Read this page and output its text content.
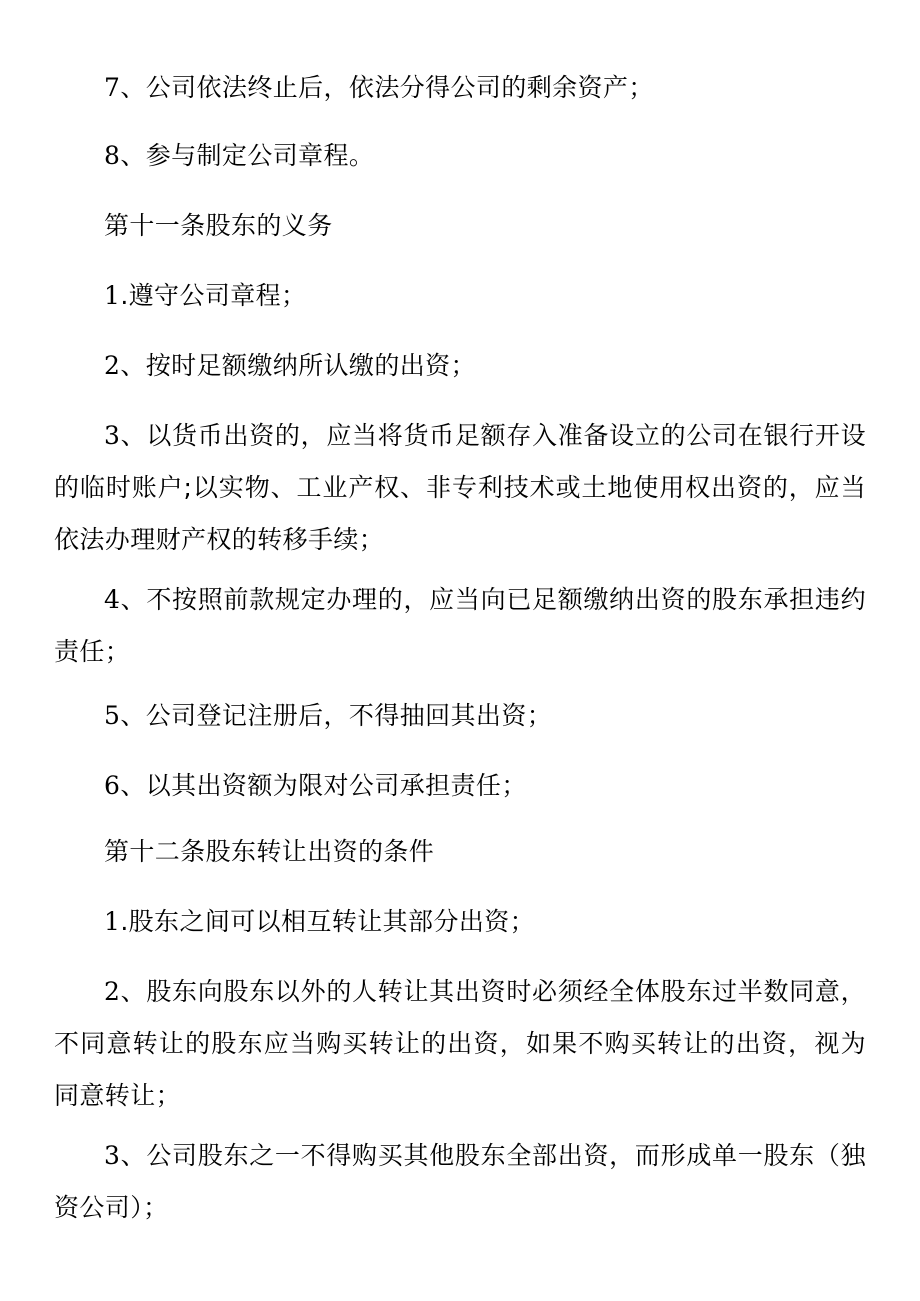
7、公司依法终止后，依法分得公司的剩余资产；

8、参与制定公司章程。

第十一条股东的义务

1.遵守公司章程；

2、按时足额缴纳所认缴的出资；

3、以货币出资的，应当将货币足额存入准备设立的公司在银行开设的临时账户;以实物、工业产权、非专利技术或土地使用权出资的，应当依法办理财产权的转移手续；

4、不按照前款规定办理的，应当向已足额缴纳出资的股东承担违约责任；

5、公司登记注册后，不得抽回其出资；

6、以其出资额为限对公司承担责任；

第十二条股东转让出资的条件

1.股东之间可以相互转让其部分出资；

2、股东向股东以外的人转让其出资时必须经全体股东过半数同意，不同意转让的股东应当购买转让的出资，如果不购买转让的出资，视为同意转让；

3、公司股东之一不得购买其他股东全部出资，而形成单一股东（独资公司）；
